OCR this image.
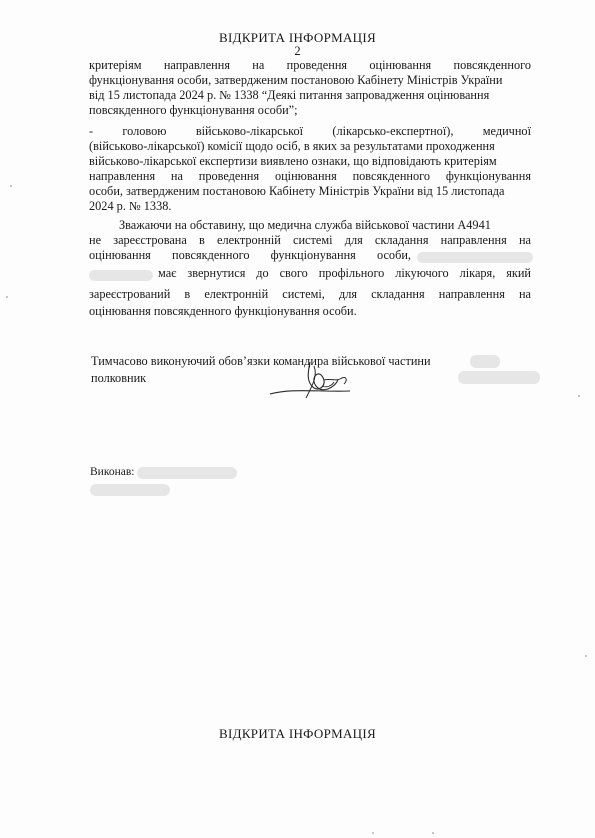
ВІДКРИТА ІНФОРМАЦІЯ
2
критеріям направлення на проведення оцінювання повсякденного
функціонування особи, затвердженим постановою Кабінету Міністрів України
від 15 листопада 2024 р. № 1338 “Деякі питання запровадження оцінювання
повсякденного функціонування особи”;
- головою військово-лікарської (лікарсько-експертної), медичної
(військово-лікарської) комісії щодо осіб, в яких за результатами проходження
військово-лікарської експертизи виявлено ознаки, що відповідають критеріям
направлення на проведення оцінювання повсякденного функціонування
особи, затвердженим постановою Кабінету Міністрів України від 15 листопада
2024 р. № 1338.
Зважаючи на обставину, що медична служба військової частини А4941
не зареєстрована в електронній системі для складання направлення на
оцінювання повсякденного функціонування особи,
має звернутися до свого профільного лікуючого лікаря, який
зареєстрований в електронній системі, для складання направлення на
оцінювання повсякденного функціонування особи.
Тимчасово виконуючий обов’язки командира військової частини
полковник
Виконав:
ВІДКРИТА ІНФОРМАЦІЯ
